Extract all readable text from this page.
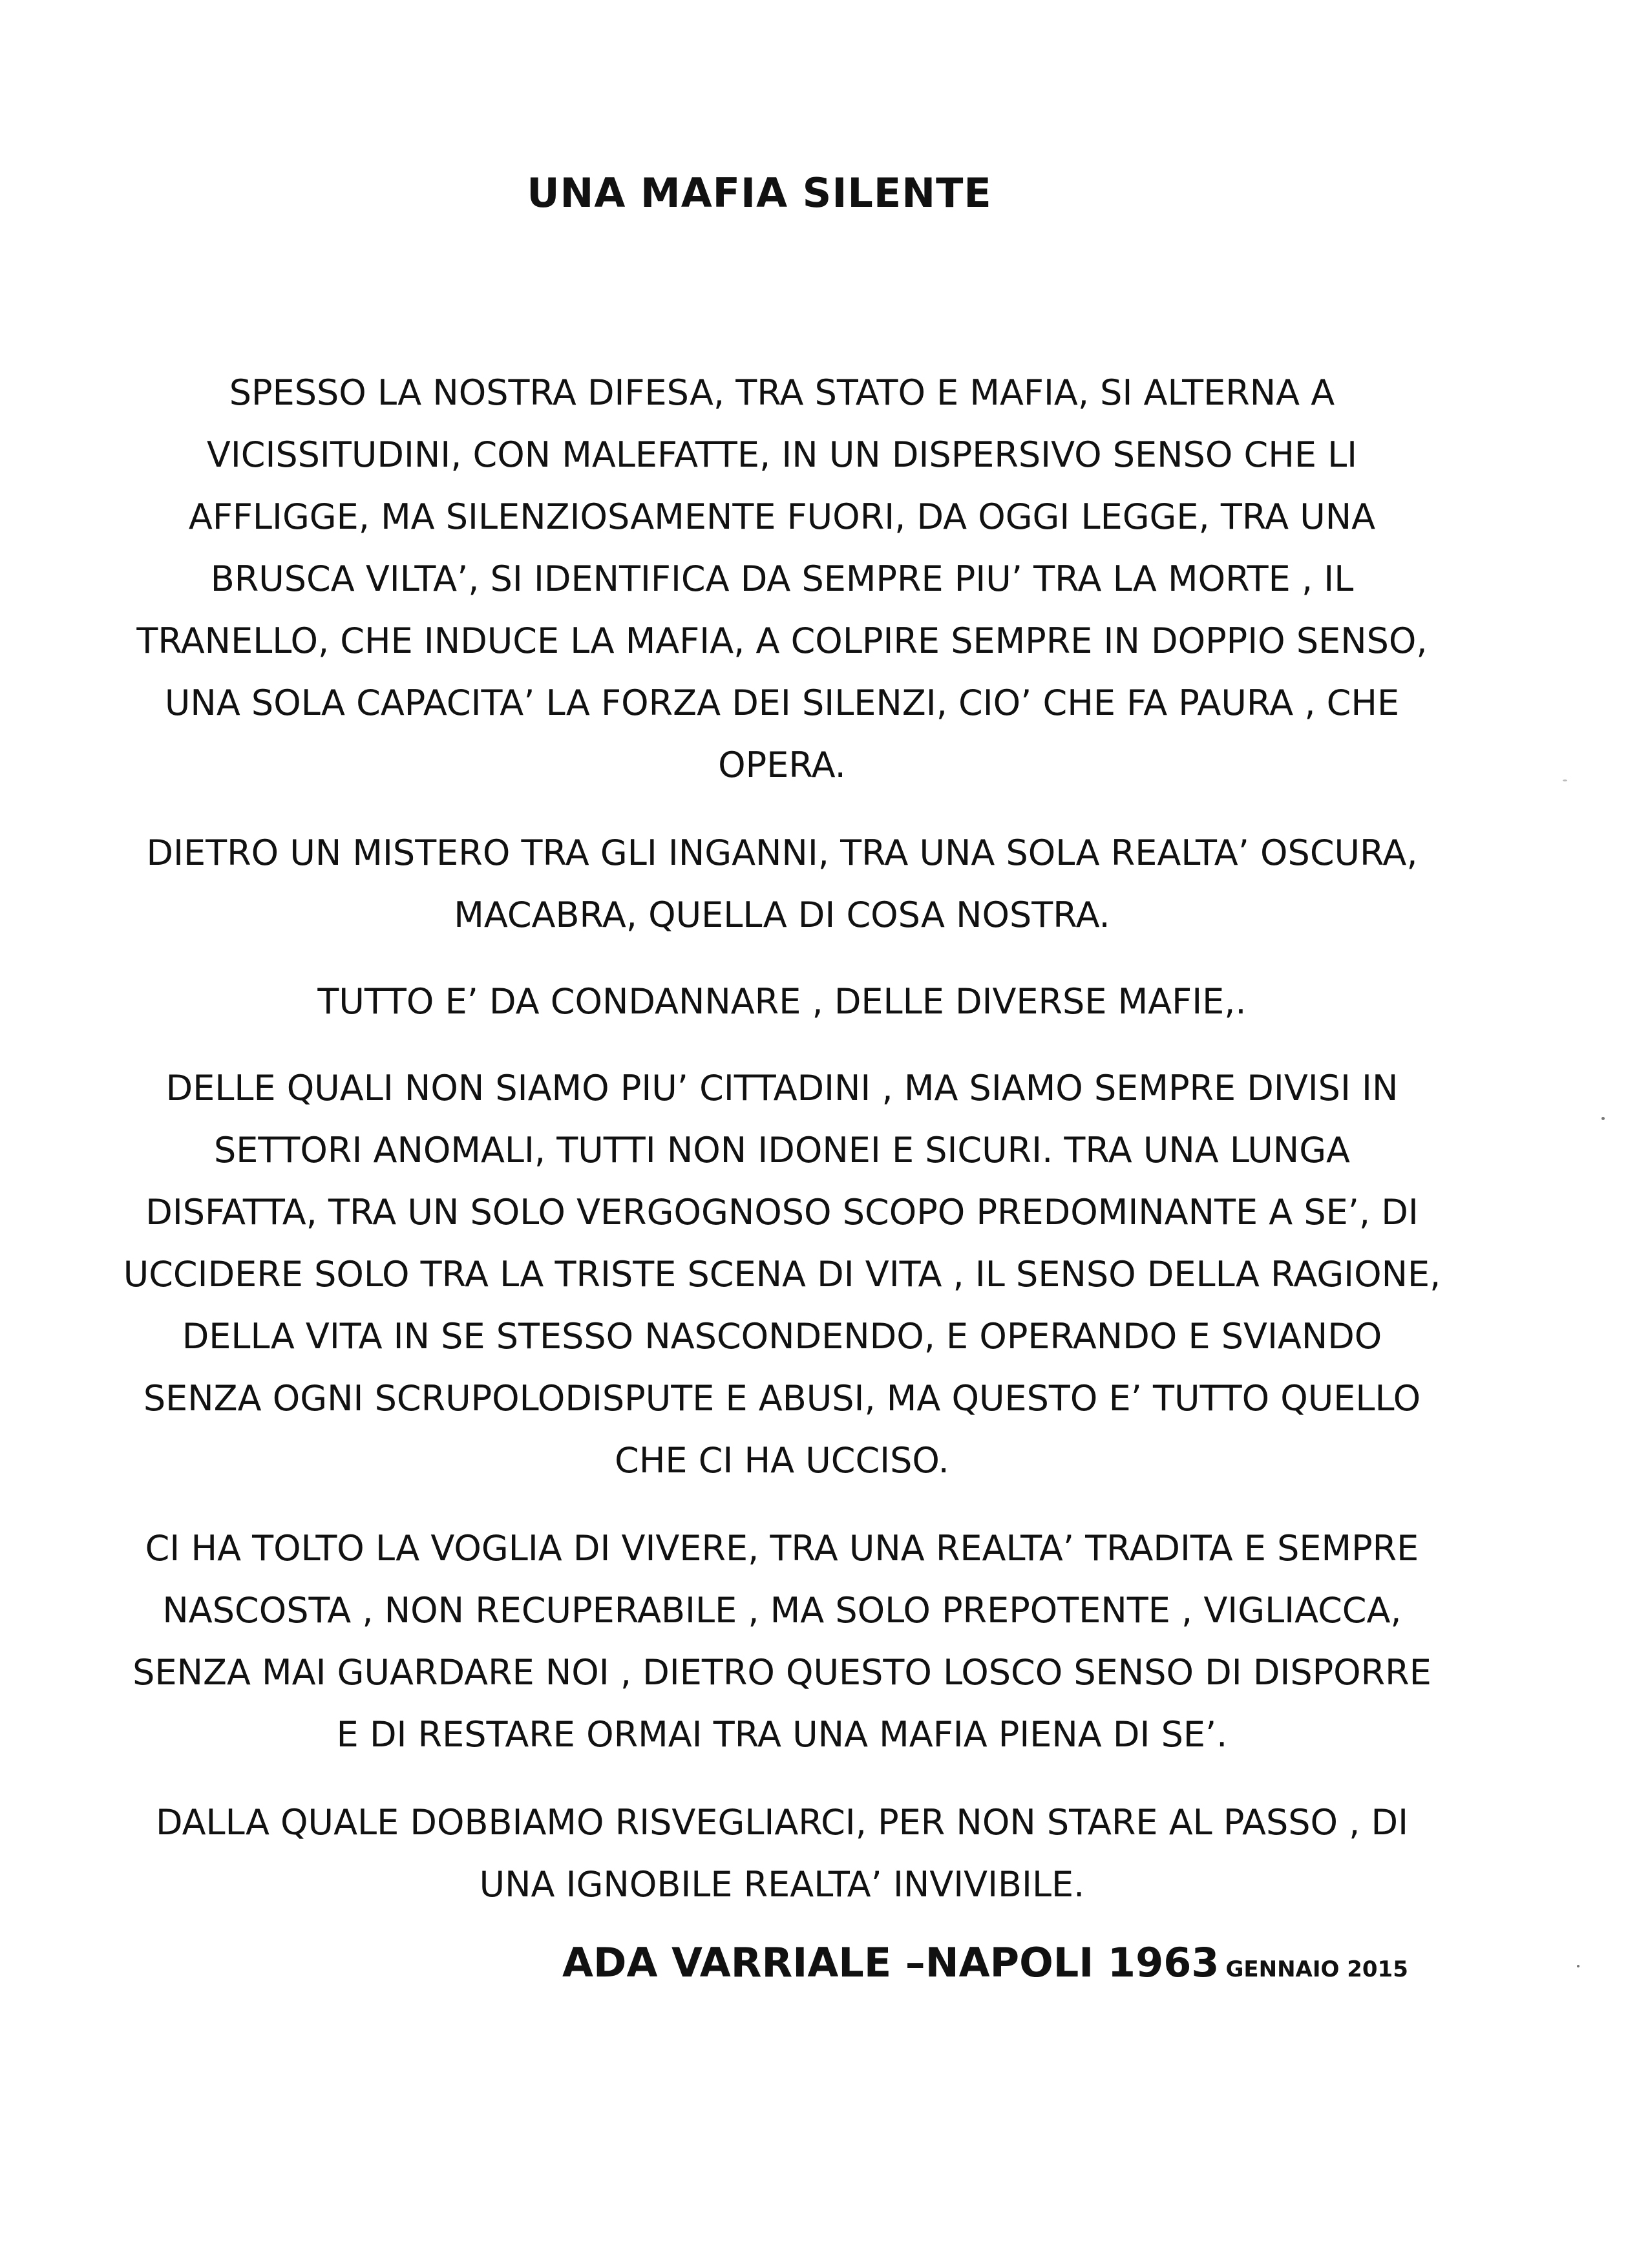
UNA MAFIA SILENTE
SPESSO LA NOSTRA DIFESA, TRA STATO E MAFIA, SI ALTERNA A
VICISSITUDINI, CON MALEFATTE, IN UN DISPERSIVO SENSO CHE LI
AFFLIGGE, MA SILENZIOSAMENTE FUORI, DA OGGI LEGGE, TRA UNA
BRUSCA VILTA’, SI IDENTIFICA DA SEMPRE PIU’ TRA LA MORTE , IL
TRANELLO, CHE INDUCE LA MAFIA, A COLPIRE SEMPRE IN DOPPIO SENSO,
UNA SOLA CAPACITA’ LA FORZA DEI SILENZI, CIO’ CHE FA PAURA , CHE
OPERA.
DIETRO UN MISTERO TRA GLI INGANNI, TRA UNA SOLA REALTA’ OSCURA,
MACABRA, QUELLA DI COSA NOSTRA.
TUTTO E’ DA CONDANNARE , DELLE DIVERSE MAFIE,.
DELLE QUALI NON SIAMO PIU’ CITTADINI , MA SIAMO SEMPRE DIVISI IN
SETTORI ANOMALI, TUTTI NON IDONEI E SICURI. TRA UNA LUNGA
DISFATTA, TRA UN SOLO VERGOGNOSO SCOPO PREDOMINANTE A SE’, DI
UCCIDERE SOLO TRA LA TRISTE SCENA DI VITA , IL SENSO DELLA RAGIONE,
DELLA VITA IN SE STESSO NASCONDENDO, E OPERANDO E SVIANDO
SENZA OGNI SCRUPOLODISPUTE E ABUSI, MA QUESTO E’ TUTTO QUELLO
CHE CI HA UCCISO.
CI HA TOLTO LA VOGLIA DI VIVERE, TRA UNA REALTA’ TRADITA E SEMPRE
NASCOSTA , NON RECUPERABILE , MA SOLO PREPOTENTE , VIGLIACCA,
SENZA MAI GUARDARE NOI , DIETRO QUESTO LOSCO SENSO DI DISPORRE
E DI RESTARE ORMAI TRA UNA MAFIA PIENA DI SE’.
DALLA QUALE DOBBIAMO RISVEGLIARCI, PER NON STARE AL PASSO , DI
UNA IGNOBILE REALTA’ INVIVIBILE.
ADA VARRIALE –NAPOLI 1963 GENNAIO 2015
